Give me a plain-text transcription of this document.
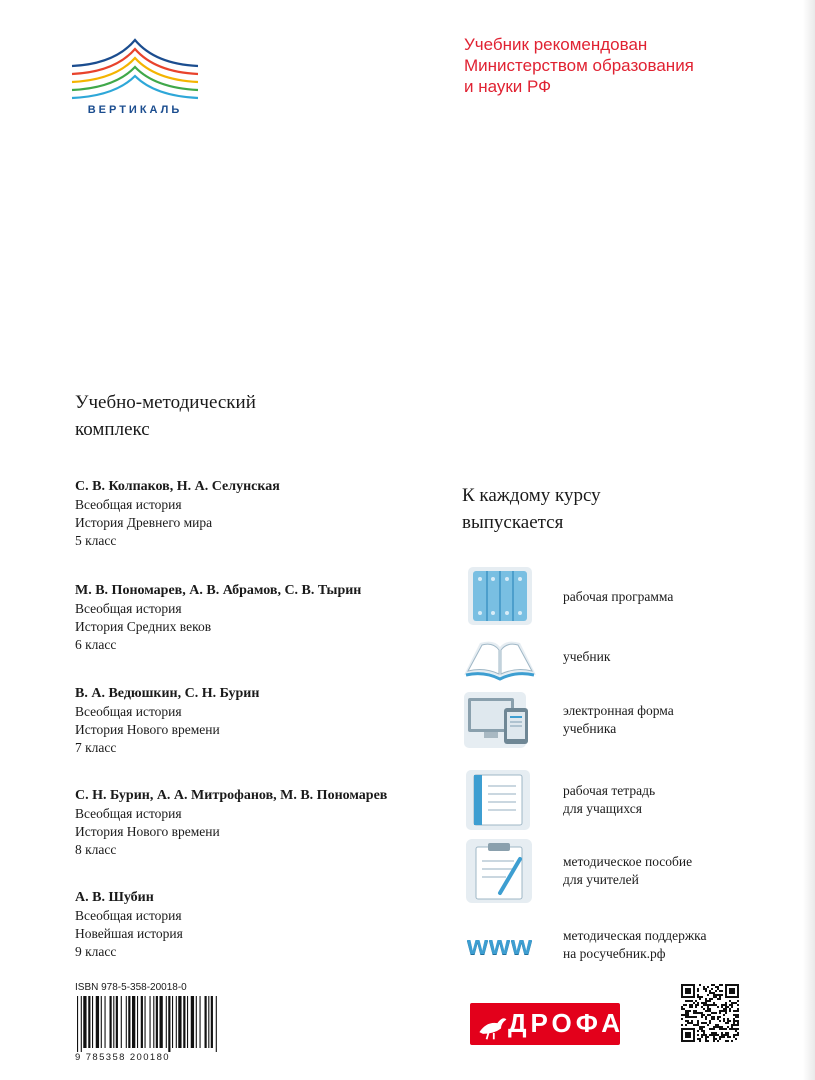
ВЕРТИКАЛЬ
Учебник рекомендован
Министерством образования
и науки РФ
Учебно-методический
комплекс
С. В. Колпаков, Н. А. Селунская
Всеобщая история
История Древнего мира
5 класс
М. В. Пономарев, А. В. Абрамов, С. В. Тырин
Всеобщая история
История Средних веков
6 класс
В. А. Ведюшкин, С. Н. Бурин
Всеобщая история
История Нового времени
7 класс
С. Н. Бурин, А. А. Митрофанов, М. В. Пономарев
Всеобщая история
История Нового времени
8 класс
А. В. Шубин
Всеобщая история
Новейшая история
9 класс
К каждому курсу
выпускается
рабочая программа
учебник
электронная форма
учебника
рабочая тетрадь
для учащихся
методическое пособие
для учителей
www методическая поддержка
на росучебник.рф
ISBN 978-5-358-20018-0
9 785358 200180
ДРОФА
